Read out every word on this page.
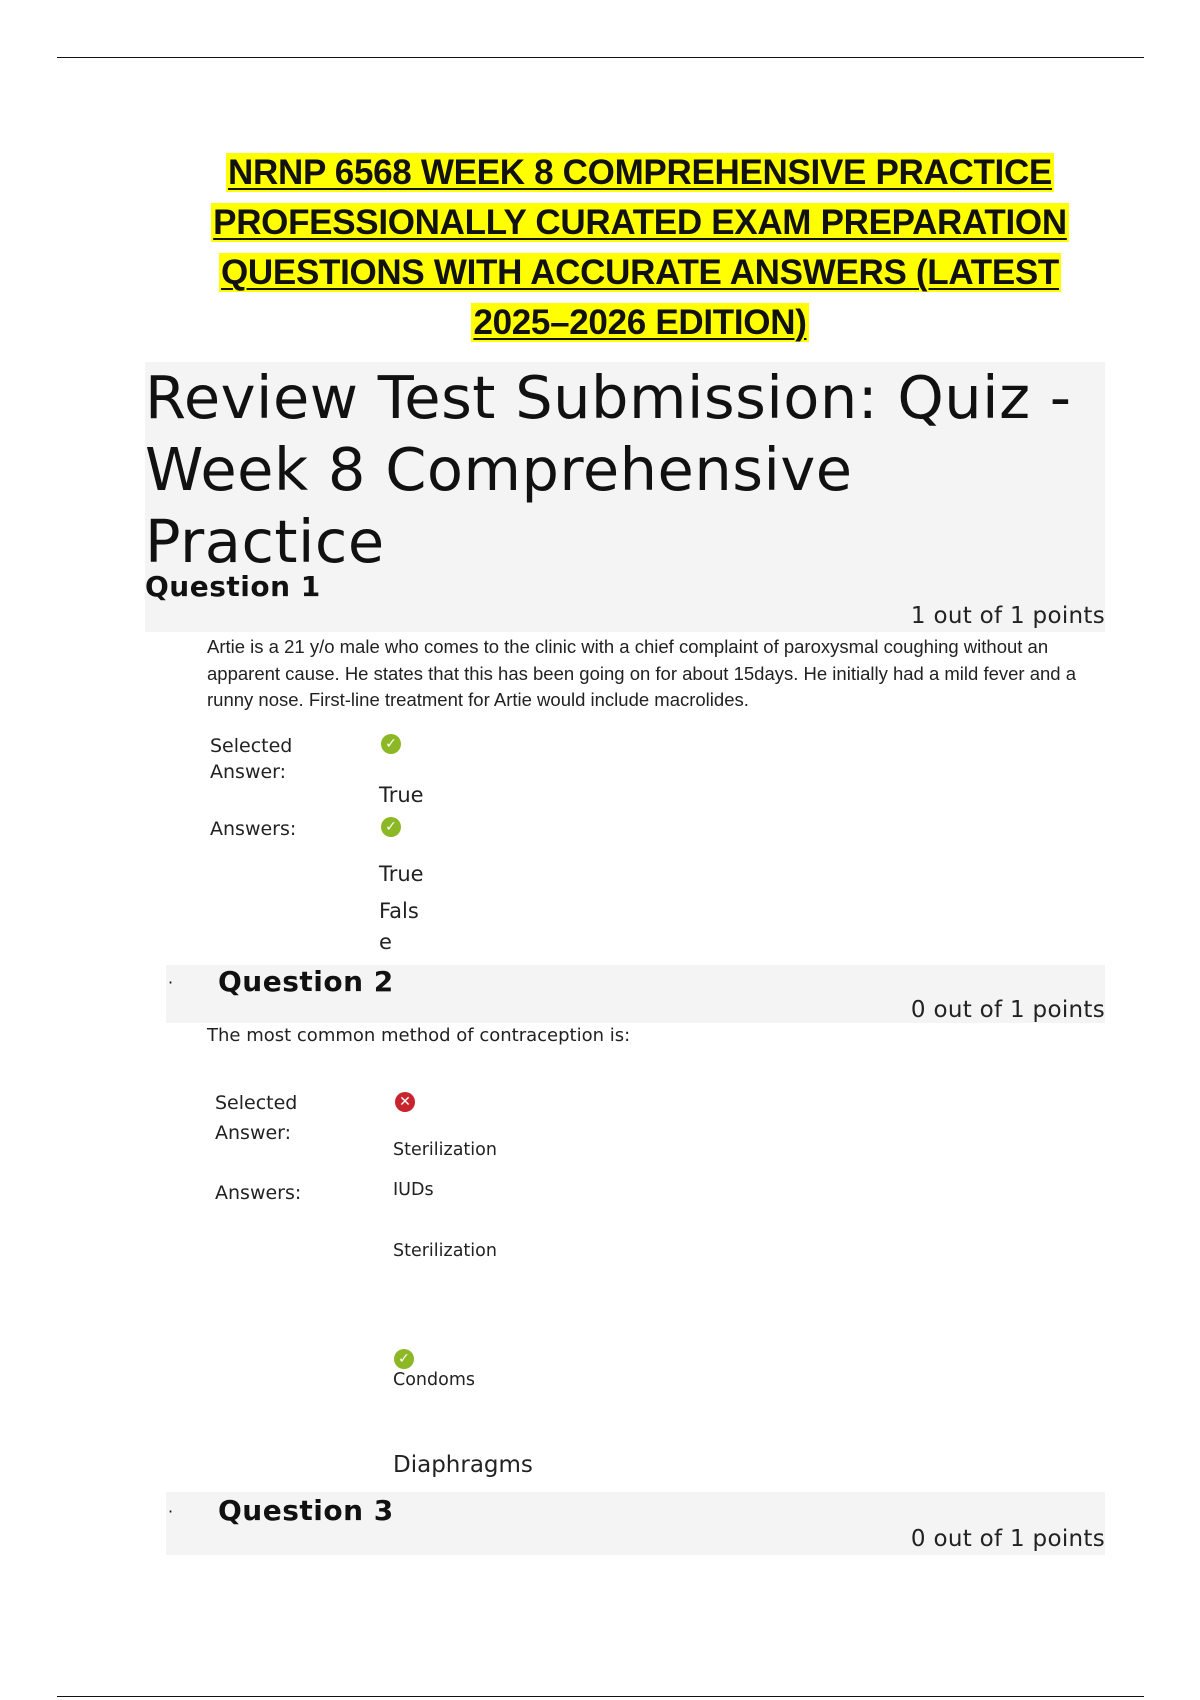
NRNP 6568 WEEK 8 COMPREHENSIVE PRACTICE
PROFESSIONALLY CURATED EXAM PREPARATION
QUESTIONS WITH ACCURATE ANSWERS (LATEST
2025–2026 EDITION)
Review Test Submission: Quiz -
Week 8 Comprehensive Practice
Question 1
1 out of 1 points

Artie is a 21 y/o male who comes to the clinic with a chief complaint of paroxysmal coughing without an apparent cause. He states that this has been going on for about 15days. He initially had a mild fever and a runny nose. First-line treatment for Artie would include macrolides.

Selected
Answer:
✓
True
Answers:	✓
True
Fals
e
· Question 2
0 out of 1 points

The most common method of contraception is:

Selected
Answer:
✕
Sterilization
Answers:	IUDs
Sterilization
✓
Condoms
Diaphragms
· Question 3
0 out of 1 points
